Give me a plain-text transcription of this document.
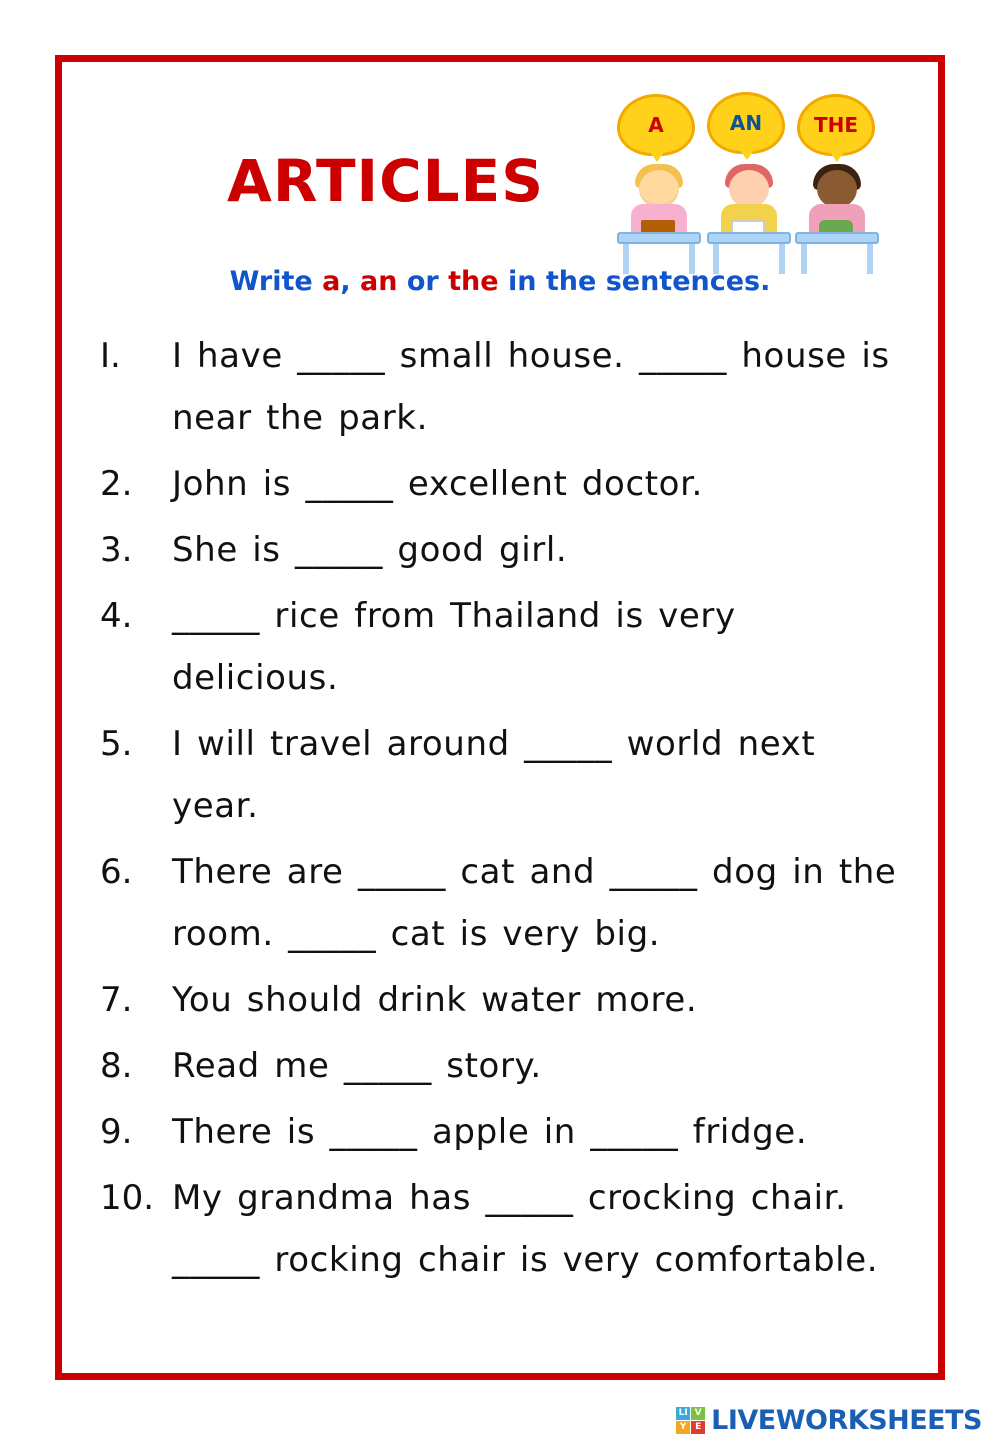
ARTICLES
A	AN	THE
Write a, an or the in the sentences.
I.	I have _____ small house. _____ house is near the park.
2.	John is _____ excellent doctor.
3.	She is _____ good girl.
4.	_____ rice from Thailand is very delicious.
5.	I will travel around _____ world next year.
6.	There are _____ cat and _____ dog in the room. _____ cat is very big.
7.	You should drink water more.
8.	Read me _____ story.
9.	There is _____ apple in _____ fridge.
10. My grandma has _____ crocking chair. _____ rocking chair is very comfortable.
LI V
Y E LIVEWORKSHEETS
